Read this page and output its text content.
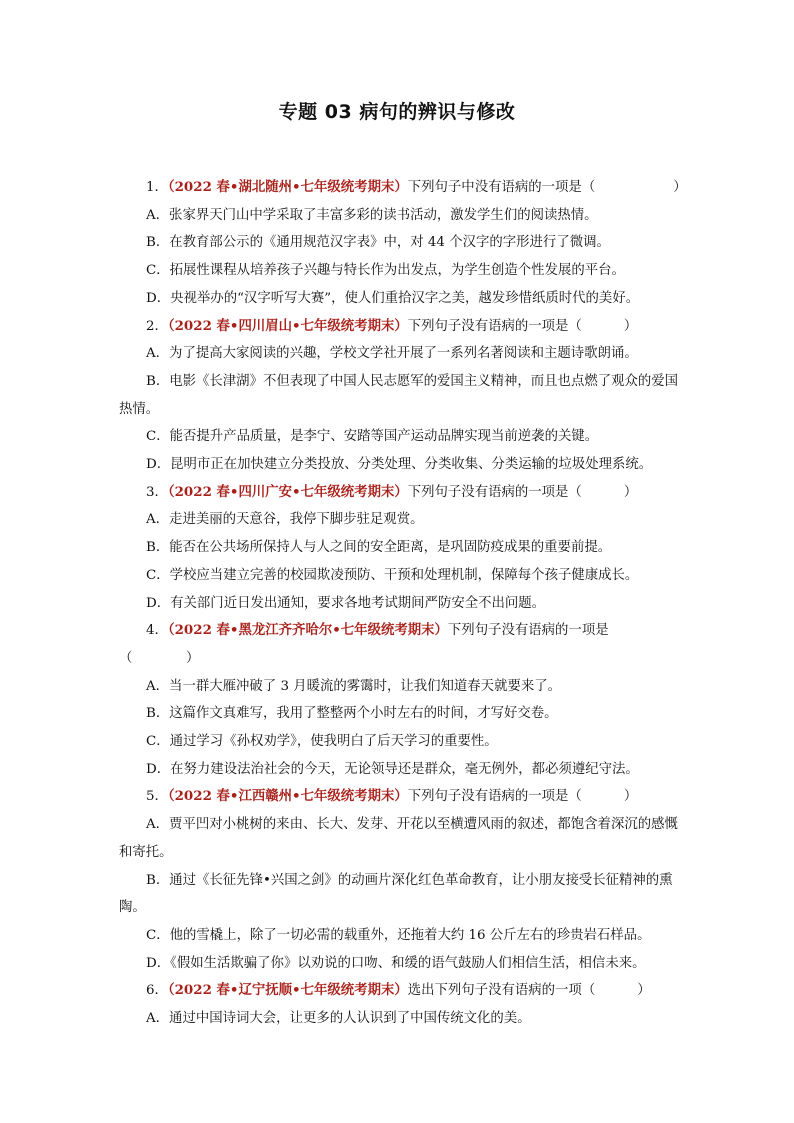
专题 03 病句的辨识与修改
1．（2022 春•湖北随州•七年级统考期末）下列句子中没有语病的一项是（	）
A．张家界天门山中学采取了丰富多彩的读书活动，激发学生们的阅读热情。
B．在教育部公示的《通用规范汉字表》中，对 44 个汉字的字形进行了微调。
C．拓展性课程从培养孩子兴趣与特长作为出发点，为学生创造个性发展的平台。
D．央视举办的“汉字听写大赛”，使人们重拾汉字之美，越发珍惜纸质时代的美好。
2．（2022 春•四川眉山•七年级统考期末）下列句子没有语病的一项是（	）
A．为了提高大家阅读的兴趣，学校文学社开展了一系列名著阅读和主题诗歌朗诵。
B．电影《长津湖》不但表现了中国人民志愿军的爱国主义精神，而且也点燃了观众的爱国热情。
C．能否提升产品质量，是李宁、安踏等国产运动品牌实现当前逆袭的关键。
D．昆明市正在加快建立分类投放、分类处理、分类收集、分类运输的垃圾处理系统。
3．（2022 春•四川广安•七年级统考期末）下列句子没有语病的一项是（	）
A．走进美丽的天意谷，我停下脚步驻足观赏。
B．能否在公共场所保持人与人之间的安全距离，是巩固防疫成果的重要前提。
C．学校应当建立完善的校园欺凌预防、干预和处理机制，保障每个孩子健康成长。
D．有关部门近日发出通知，要求各地考试期间严防安全不出问题。
4．（2022 春•黑龙江齐齐哈尔•七年级统考期末）下列句子没有语病的一项是
（　　　　）
A．当一群大雁冲破了 3 月暖流的雾霭时，让我们知道春天就要来了。
B．这篇作文真难写，我用了整整两个小时左右的时间，才写好交卷。
C．通过学习《孙权劝学》，使我明白了后天学习的重要性。
D．在努力建设法治社会的今天，无论领导还是群众，毫无例外，都必须遵纪守法。
5．（2022 春•江西赣州•七年级统考期末）下列句子没有语病的一项是（	）
A．贾平凹对小桃树的来由、长大、发芽、开花以至横遭风雨的叙述，都饱含着深沉的感慨和寄托。
B．通过《长征先锋•兴国之剑》的动画片深化红色革命教育，让小朋友接受长征精神的熏陶。
C．他的雪橇上，除了一切必需的载重外，还拖着大约 16 公斤左右的珍贵岩石样品。
D．《假如生活欺骗了你》以劝说的口吻、和缓的语气鼓励人们相信生活，相信未来。
6．（2022 春•辽宁抚顺•七年级统考期末）选出下列句子没有语病的一项（	）
A．通过中国诗词大会，让更多的人认识到了中国传统文化的美。
